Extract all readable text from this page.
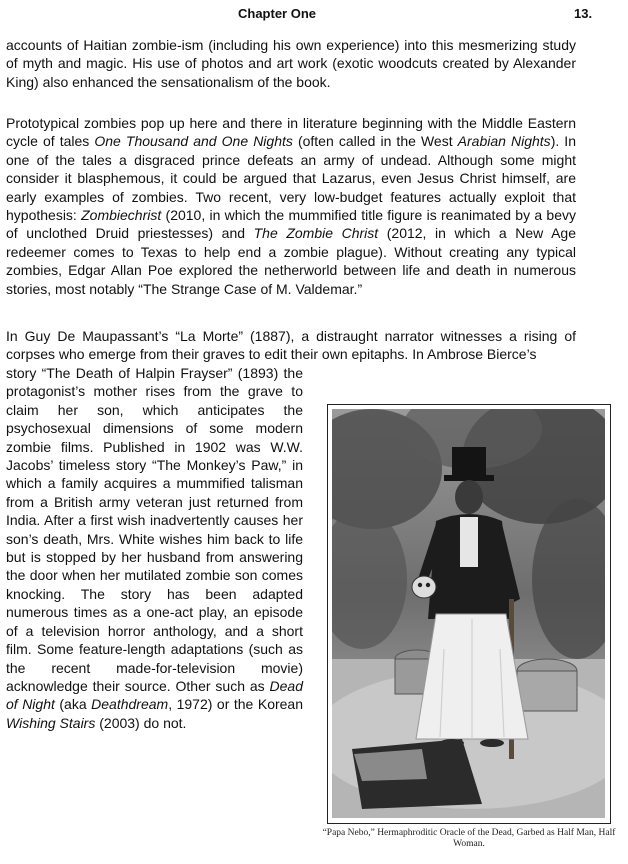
Chapter One	13.

accounts of Haitian zombie-ism (including his own experience) into this mesmerizing study of myth and magic. His use of photos and art work (exotic woodcuts created by Alexander King) also enhanced the sensationalism of the book.

Prototypical zombies pop up here and there in literature beginning with the Middle Eastern cycle of tales One Thousand and One Nights (often called in the West Arabian Nights). In one of the tales a disgraced prince defeats an army of undead. Although some might consider it blasphemous, it could be argued that Lazarus, even Jesus Christ himself, are early examples of zombies. Two recent, very low-budget features actually exploit that hypothesis: Zombiechrist (2010, in which the mummified title figure is reanimated by a bevy of unclothed Druid priestesses) and The Zombie Christ (2012, in which a New Age redeemer comes to Texas to help end a zombie plague). Without creating any typical zombies, Edgar Allan Poe explored the netherworld between life and death in numerous stories, most notably “The Strange Case of M. Valdemar.”

In Guy De Maupassant’s “La Morte” (1887), a distraught narrator witnesses a rising of corpses who emerge from their graves to edit their own epitaphs. In Ambrose Bierce’s

story “The Death of Halpin Frayser” (1893) the protagonist’s mother rises from the grave to claim her son, which anticipates the psychosexual dimensions of some modern zombie films. Published in 1902 was W.W. Jacobs’ timeless story “The Monkey’s Paw,” in which a family acquires a mummified talisman from a British army veteran just returned from India. After a first wish inadvertently causes her son’s death, Mrs. White wishes him back to life but is stopped by her husband from answering the door when her mutilated zombie son comes knocking. The story has been adapted numerous times as a one-act play, an episode of a television horror anthology, and a short film. Some feature-length adaptations (such as the recent made-for-television movie) acknowledge their source. Other such as Dead of Night (aka Deathdream, 1972) or the Korean Wishing Stairs (2003) do not.

“Papa Nebo,” Hermaphroditic Oracle of the Dead, Garbed as Half Man, Half Woman.
